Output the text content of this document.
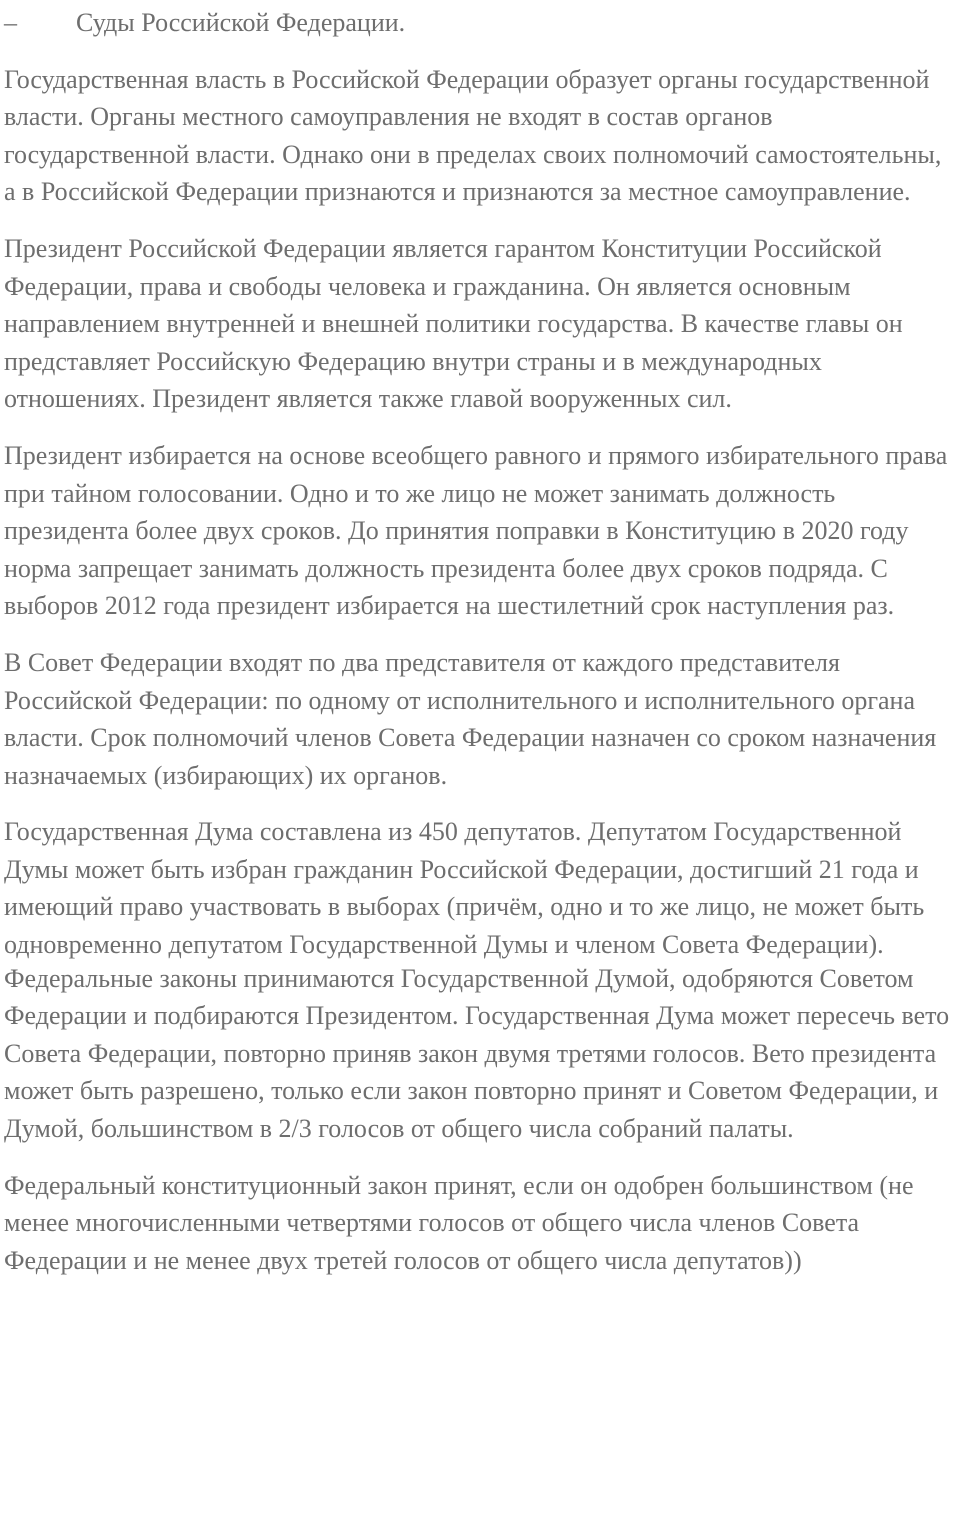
–	Суды Российской Федерации.

Государственная власть в Российской Федерации образует органы государственной власти. Органы местного самоуправления не входят в состав органов государственной власти. Однако они в пределах своих полномочий самостоятельны, а в Российской Федерации признаются и признаются за местное самоуправление.

Президент Российской Федерации является гарантом Конституции Российской Федерации, права и свободы человека и гражданина. Он является основным направлением внутренней и внешней политики государства. В качестве главы он представляет Российскую Федерацию внутри страны и в международных отношениях. Президент является также главой вооруженных сил.

Президент избирается на основе всеобщего равного и прямого избирательного права при тайном голосовании. Одно и то же лицо не может занимать должность президента более двух сроков. До принятия поправки в Конституцию в 2020 году норма запрещает занимать должность президента более двух сроков подряда. С выборов 2012 года президент избирается на шестилетний срок наступления раз.

В Совет Федерации входят по два представителя от каждого представителя Российской Федерации: по одному от исполнительного и исполнительного органа власти. Срок полномочий членов Совета Федерации назначен со сроком назначения назначаемых (избирающих) их органов.

Государственная Дума составлена из 450 депутатов. Депутатом Государственной Думы может быть избран гражданин Российской Федерации, достигший 21 года и имеющий право участвовать в выборах (причём, одно и то же лицо, не может быть одновременно депутатом Государственной Думы и членом Совета Федерации).

Федеральные законы принимаются Государственной Думой, одобряются Советом Федерации и подбираются Президентом. Государственная Дума может пересечь вето Совета Федерации, повторно приняв закон двумя третями голосов. Вето президента может быть разрешено, только если закон повторно принят и Советом Федерации, и Думой, большинством в 2/3 голосов от общего числа собраний палаты.

Федеральный конституционный закон принят, если он одобрен большинством (не менее многочисленными четвертями голосов от общего числа членов Совета Федерации и не менее двух третей голосов от общего числа депутатов))
